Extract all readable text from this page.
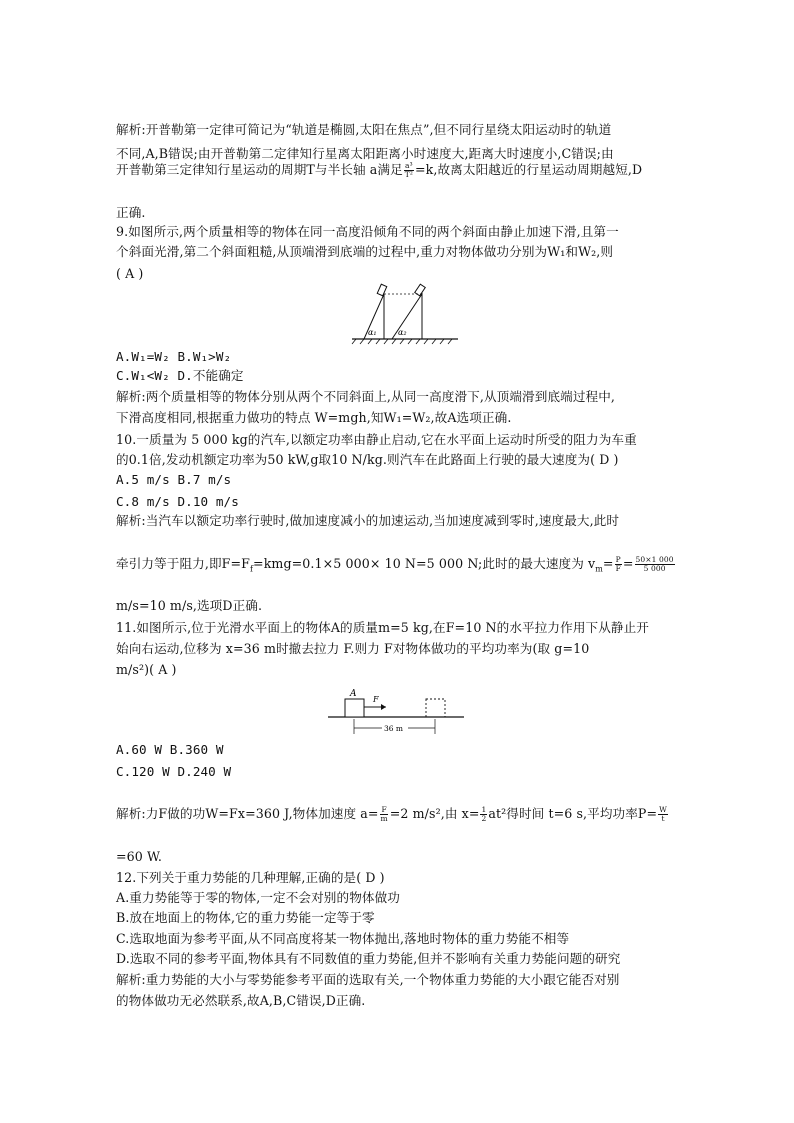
解析:开普勒第一定律可简记为“轨道是椭圆,太阳在焦点”,但不同行星绕太阳运动时的轨道
不同,A,B错误;由开普勒第二定律知行星离太阳距离小时速度大,距离大时速度小,C错误;由
开普勒第三定律知行星运动的周期T与半长轴 a满足 $\frac{\text{a³}}{\text{T²}} =k$,故离太阳越近的行星运动周期越短,D
正确.
9.如图所示,两个质量相等的物体在同一高度沿倾角不同的两个斜面由静止加速下滑,且第一
个斜面光滑,第二个斜面粗糙,从顶端滑到底端的过程中,重力对物体做功分别为W₁和W₂,则
( A )
α₁	α₂
A.W₁=W₂ B.W₁>W₂
C.W₁<W₂ D.不能确定
解析:两个质量相等的物体分别从两个不同斜面上,从同一高度滑下,从顶端滑到底端过程中,
下滑高度相同,根据重力做功的特点 W=mgh,知W₁=W₂,故A选项正确.
10.一质量为 5 000 kg的汽车,以额定功率由静止启动,它在水平面上运动时所受的阻力为车重
的0.1倍,发动机额定功率为50 kW,g取10 N/kg.则汽车在此路面上行驶的最大速度为( D )
A.5 m/s B.7 m/s
C.8 m/s D.10 m/s
解析:当汽车以额定功率行驶时,做加速度减小的加速运动,当加速度减到零时,速度最大,此时
牵引力等于阻力,即$F=F_f=kmg=0.1\times 5$ 000× 10 N=5 000 N;此时的最大速度为 $v_m= \frac{P}{F} = \frac{50\times 1 000}{5 000}$
m/s=10 m/s,选项D正确.
11.如图所示,位于光滑水平面上的物体A的质量m=5 kg,在F=10 N的水平拉力作用下从静止开
始向右运动,位移为 x=36 m时撤去拉力 F.则力 F对物体做功的平均功率为(取 g=10
m/s²)( A )
A
F
36 m
A.60 W B.360 W
C.120 W D.240 W
解析:力F做的功W=Fx=360 J,物体加速度 $a= \frac{F}{m} =2$ m/s²,由 $x= \frac{1}{2} at^2$得时间 t=6 s,平均功率$P= \frac{W}{t}$
=60 W.
12.下列关于重力势能的几种理解,正确的是( D )
A.重力势能等于零的物体,一定不会对别的物体做功
B.放在地面上的物体,它的重力势能一定等于零
C.选取地面为参考平面,从不同高度将某一物体抛出,落地时物体的重力势能不相等
D.选取不同的参考平面,物体具有不同数值的重力势能,但并不影响有关重力势能问题的研究
解析:重力势能的大小与零势能参考平面的选取有关,一个物体重力势能的大小跟它能否对别
的物体做功无必然联系,故A,B,C错误,D正确.
